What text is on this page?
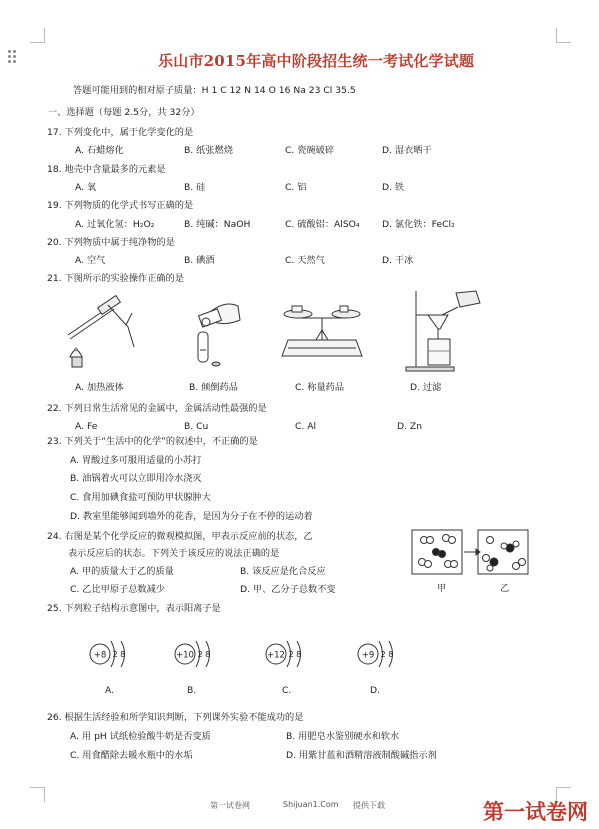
乐山市2015年高中阶段招生统一考试化学试题
答题可能用到的相对原子质量：H 1 C 12 N 14 O 16 Na 23 Cl 35.5
一、选择题（每题 2.5分，共 32分）
17. 下列变化中，属于化学变化的是
A. 石蜡熔化	B. 纸张燃烧	C. 瓷碗破碎	D. 湿衣晒干
18. 地壳中含量最多的元素是
A. 氧	B. 硅	C. 铝	D. 铁
19. 下列物质的化学式书写正确的是
A. 过氧化氢：H₂O₂	B. 纯碱：NaOH	C. 硫酸铝：AlSO₄ D. 氯化铁：FeCl₂
20. 下列物质中属于纯净物的是
A. 空气	B. 碘酒	C. 天然气	D. 干冰
21. 下图所示的实验操作正确的是
A. 加热液体	B. 倾倒药品	C. 称量药品	D. 过滤
22. 下列日常生活常见的金属中，金属活动性最强的是
A. Fe	B. Cu	C. Al	D. Zn
23. 下列关于“生活中的化学”的叙述中，不正确的是
A. 胃酸过多可服用适量的小苏打
B. 油锅着火可以立即用冷水浇灭
C. 食用加碘食盐可预防甲状腺肿大
D. 教室里能够闻到墙外的花香，是因为分子在不停的运动着
24. 右图是某个化学反应的微观模拟图，甲表示反应前的状态，乙
表示反应后的状态。下列关于该反应的说法正确的是
A. 甲的质量大于乙的质量	B. 该反应是化合反应
C. 乙比甲原子总数减少	D. 甲、乙分子总数不变	甲	乙
25. 下列粒子结构示意图中，表示阳离子是
+8 2 8	+10 2 8	+12 2 8	+9 2 8
A.	B.	C.	D.
26. 根据生活经验和所学知识判断，下列课外实验不能成功的是
A. 用 pH 试纸检验酸牛奶是否变质	B. 用肥皂水鉴别硬水和软水
C. 用食醋除去暖水瓶中的水垢	D. 用紫甘蓝和酒精溶液制酸碱指示剂
第一试卷网	Shijuan1.Com 提供下载	第一试卷网
